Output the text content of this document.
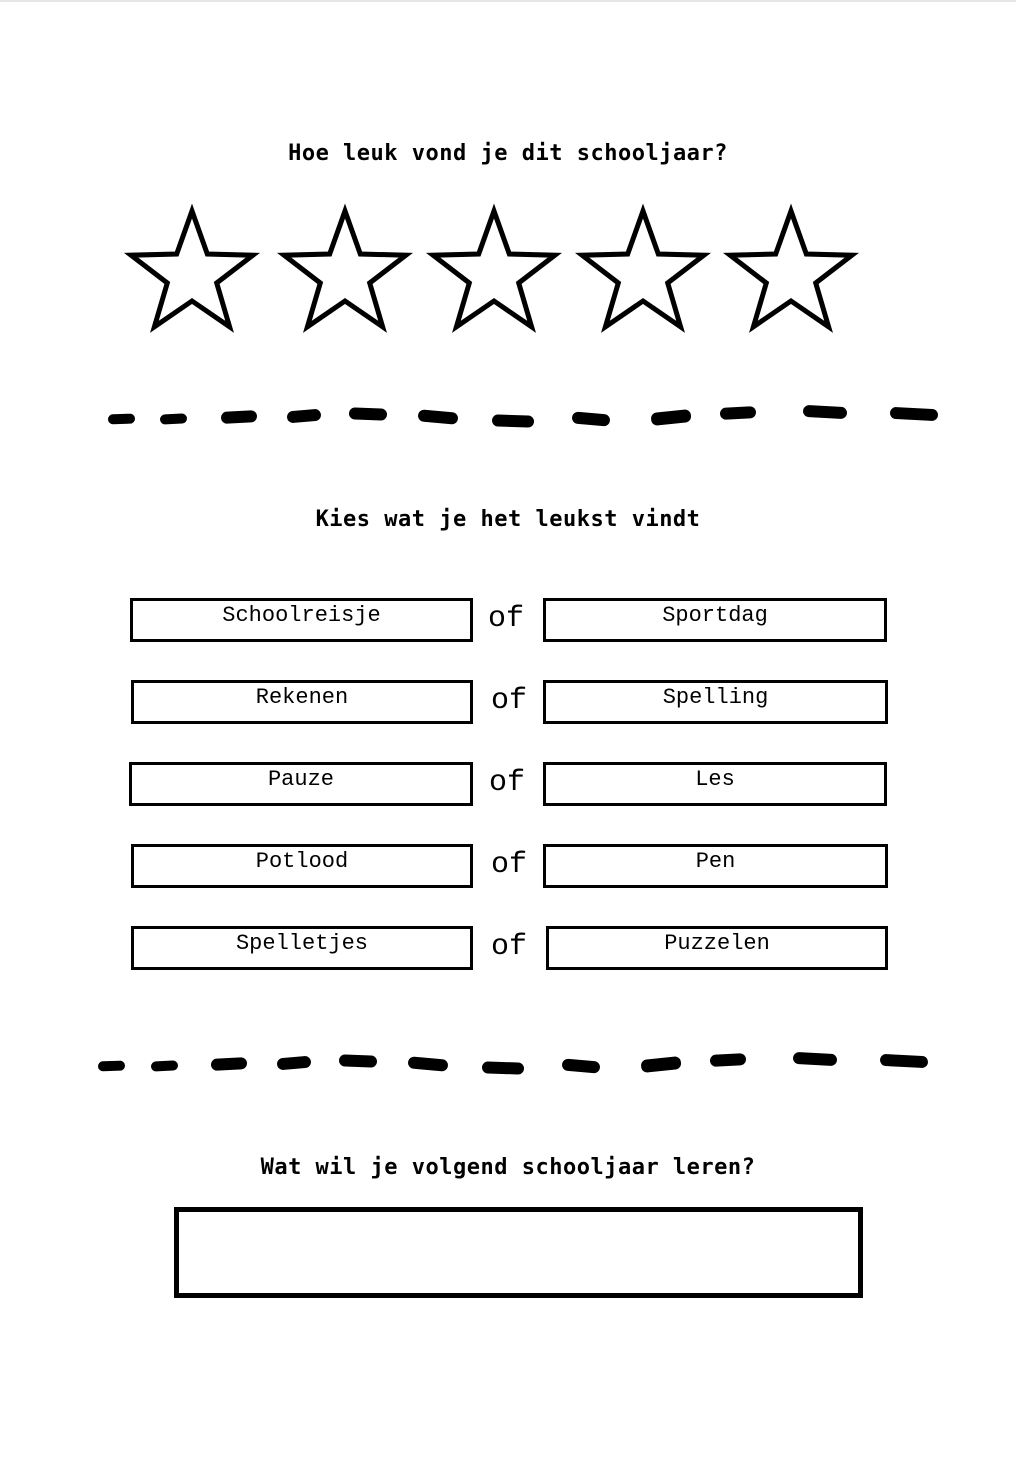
Hoe leuk vond je dit schooljaar?
Kies wat je het leukst vindt
Schoolreisje	of	Sportdag
Rekenen	of	Spelling
Pauze	of	Les
Potlood	of	Pen
Spelletjes	of	Puzzelen
Wat wil je volgend schooljaar leren?
